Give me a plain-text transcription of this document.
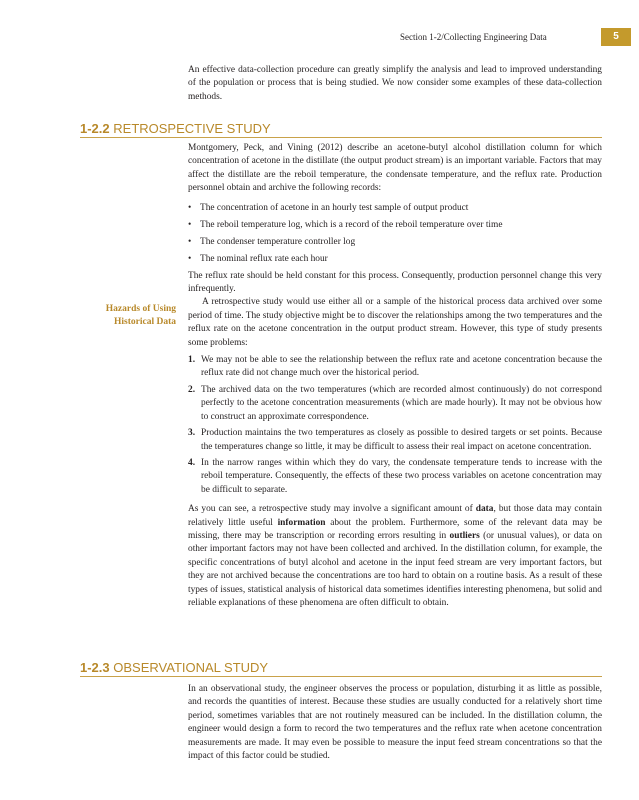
Section 1-2/Collecting Engineering Data	5

An effective data-collection procedure can greatly simplify the analysis and lead to improved understanding of the population or process that is being studied. We now consider some examples of these data-collection methods.

1-2.2 RETROSPECTIVE STUDY

Montgomery, Peck, and Vining (2012) describe an acetone-butyl alcohol distillation column for which concentration of acetone in the distillate (the output product stream) is an important variable. Factors that may affect the distillate are the reboil temperature, the condensate temperature, and the reflux rate. Production personnel obtain and archive the following records:

• The concentration of acetone in an hourly test sample of output product
• The reboil temperature log, which is a record of the reboil temperature over time
• The condenser temperature controller log
• The nominal reflux rate each hour

The reflux rate should be held constant for this process. Consequently, production personnel change this very infrequently.

A retrospective study would use either all or a sample of the historical process data archived over some period of time. The study objective might be to discover the relationships among the two temperatures and the reflux rate on the acetone concentration in the output product stream. However, this type of study presents some problems:

1. We may not be able to see the relationship between the reflux rate and acetone concentration because the reflux rate did not change much over the historical period.
2. The archived data on the two temperatures (which are recorded almost continuously) do not correspond perfectly to the acetone concentration measurements (which are made hourly). It may not be obvious how to construct an approximate correspondence.
3. Production maintains the two temperatures as closely as possible to desired targets or set points. Because the temperatures change so little, it may be difficult to assess their real impact on acetone concentration.
4. In the narrow ranges within which they do vary, the condensate temperature tends to increase with the reboil temperature. Consequently, the effects of these two process variables on acetone concentration may be difficult to separate.

As you can see, a retrospective study may involve a significant amount of data, but those data may contain relatively little useful information about the problem. Furthermore, some of the relevant data may be missing, there may be transcription or recording errors resulting in outliers (or unusual values), or data on other important factors may not have been collected and archived. In the distillation column, for example, the specific concentrations of butyl alcohol and acetone in the input feed stream are very important factors, but they are not archived because the concentrations are too hard to obtain on a routine basis. As a result of these types of issues, statistical analysis of historical data sometimes identifies interesting phenomena, but solid and reliable explanations of these phenomena are often difficult to obtain.

Hazards of Using Historical Data
1-2.3 OBSERVATIONAL STUDY

In an observational study, the engineer observes the process or population, disturbing it as little as possible, and records the quantities of interest. Because these studies are usually conducted for a relatively short time period, sometimes variables that are not routinely measured can be included. In the distillation column, the engineer would design a form to record the two temperatures and the reflux rate when acetone concentration measurements are made. It may even be possible to measure the input feed stream concentrations so that the impact of this factor could be studied.
